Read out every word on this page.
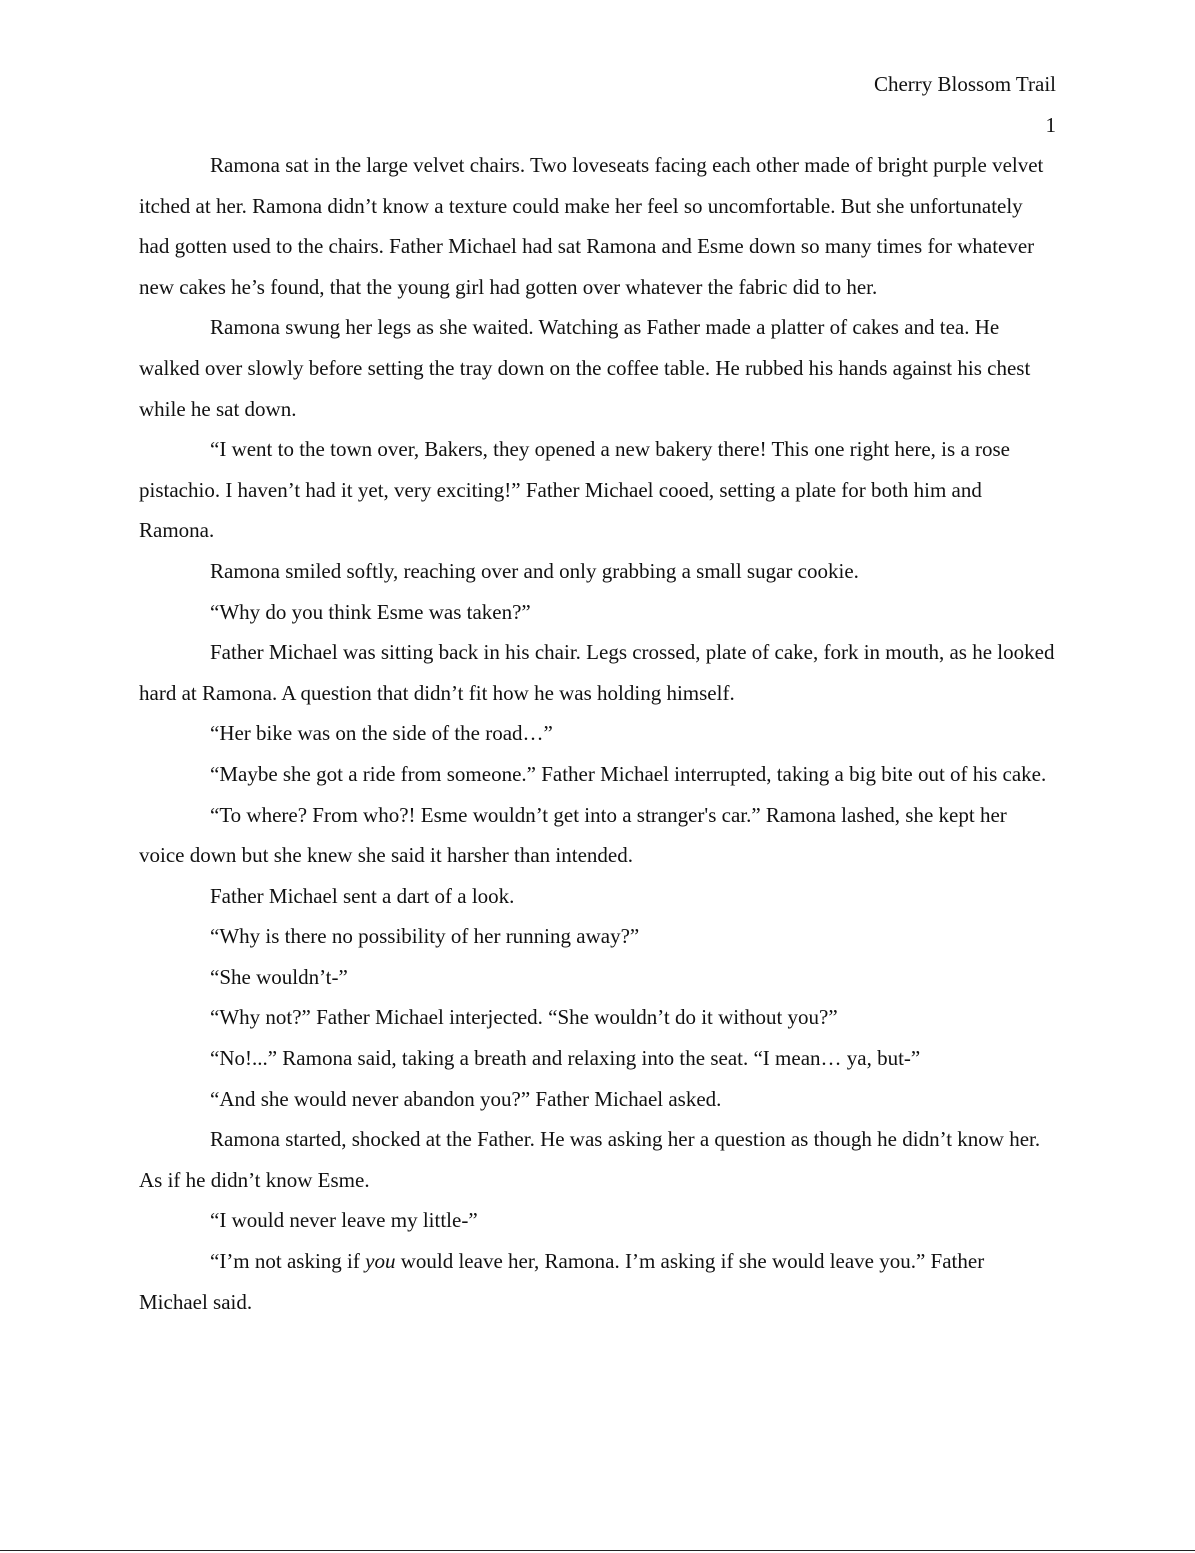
Cherry Blossom Trail
1

Ramona sat in the large velvet chairs. Two loveseats facing each other made of bright purple velvet itched at her. Ramona didn’t know a texture could make her feel so uncomfortable. But she unfortunately had gotten used to the chairs. Father Michael had sat Ramona and Esme down so many times for whatever new cakes he’s found, that the young girl had gotten over whatever the fabric did to her.

Ramona swung her legs as she waited. Watching as Father made a platter of cakes and tea. He walked over slowly before setting the tray down on the coffee table. He rubbed his hands against his chest while he sat down.

“I went to the town over, Bakers, they opened a new bakery there! This one right here, is a rose pistachio. I haven’t had it yet, very exciting!” Father Michael cooed, setting a plate for both him and Ramona.

Ramona smiled softly, reaching over and only grabbing a small sugar cookie.

“Why do you think Esme was taken?”

Father Michael was sitting back in his chair. Legs crossed, plate of cake, fork in mouth, as he looked hard at Ramona. A question that didn’t fit how he was holding himself.

“Her bike was on the side of the road…”

“Maybe she got a ride from someone.” Father Michael interrupted, taking a big bite out of his cake.

“To where? From who?! Esme wouldn’t get into a stranger's car.” Ramona lashed, she kept her voice down but she knew she said it harsher than intended.

Father Michael sent a dart of a look.

“Why is there no possibility of her running away?”

“She wouldn’t-”

“Why not?” Father Michael interjected. “She wouldn’t do it without you?”

“No!...” Ramona said, taking a breath and relaxing into the seat. “I mean… ya, but-”

“And she would never abandon you?” Father Michael asked.

Ramona started, shocked at the Father. He was asking her a question as though he didn’t know her. As if he didn’t know Esme.

“I would never leave my little-”

“I’m not asking if you would leave her, Ramona. I’m asking if she would leave you.” Father Michael said.
